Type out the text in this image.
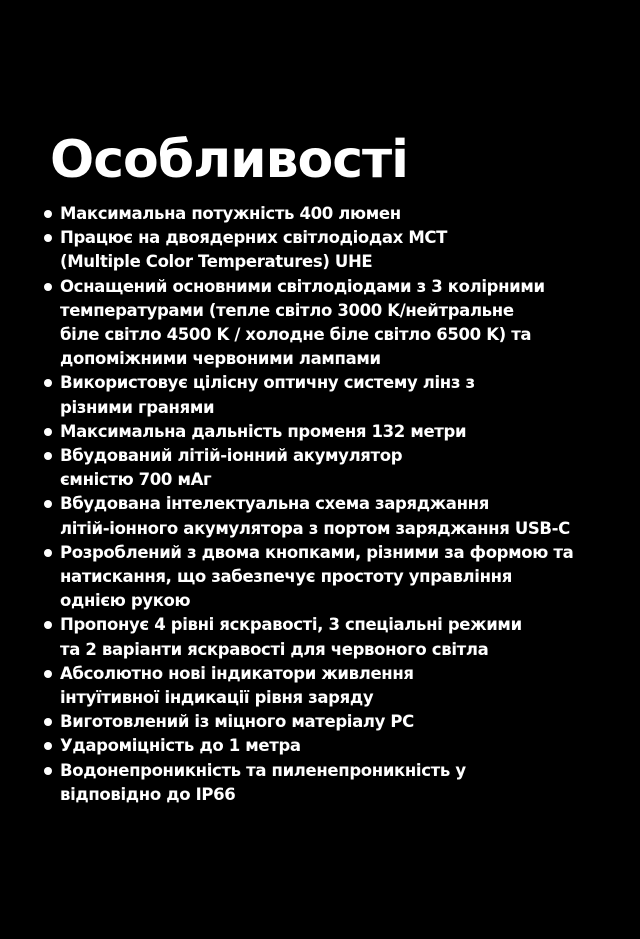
Особливості
Максимальна потужність 400 люмен
Працює на двоядерних світлодіодах MCT
(Multiple Color Temperatures) UHE
Оснащений основними світлодіодами з 3 колірними
температурами (тепле світло 3000 K/нейтральне
біле світло 4500 K / холодне біле світло 6500 K) та
допоміжними червоними лампами
Використовує цілісну оптичну систему лінз з
різними гранями
Максимальна дальність променя 132 метри
Вбудований літій-іонний акумулятор
ємністю 700 мАг
Вбудована інтелектуальна схема заряджання
літій-іонного акумулятора з портом заряджання USB-C
Розроблений з двома кнопками, різними за формою та
натискання, що забезпечує простоту управління
однією рукою
Пропонує 4 рівні яскравості, 3 спеціальні режими
та 2 варіанти яскравості для червоного світла
Абсолютно нові індикатори живлення
інтуїтивної індикації рівня заряду
Виготовлений із міцного матеріалу PC
Удароміцність до 1 метра
Водонепроникність та пиленепроникність у
відповідно до IP66
